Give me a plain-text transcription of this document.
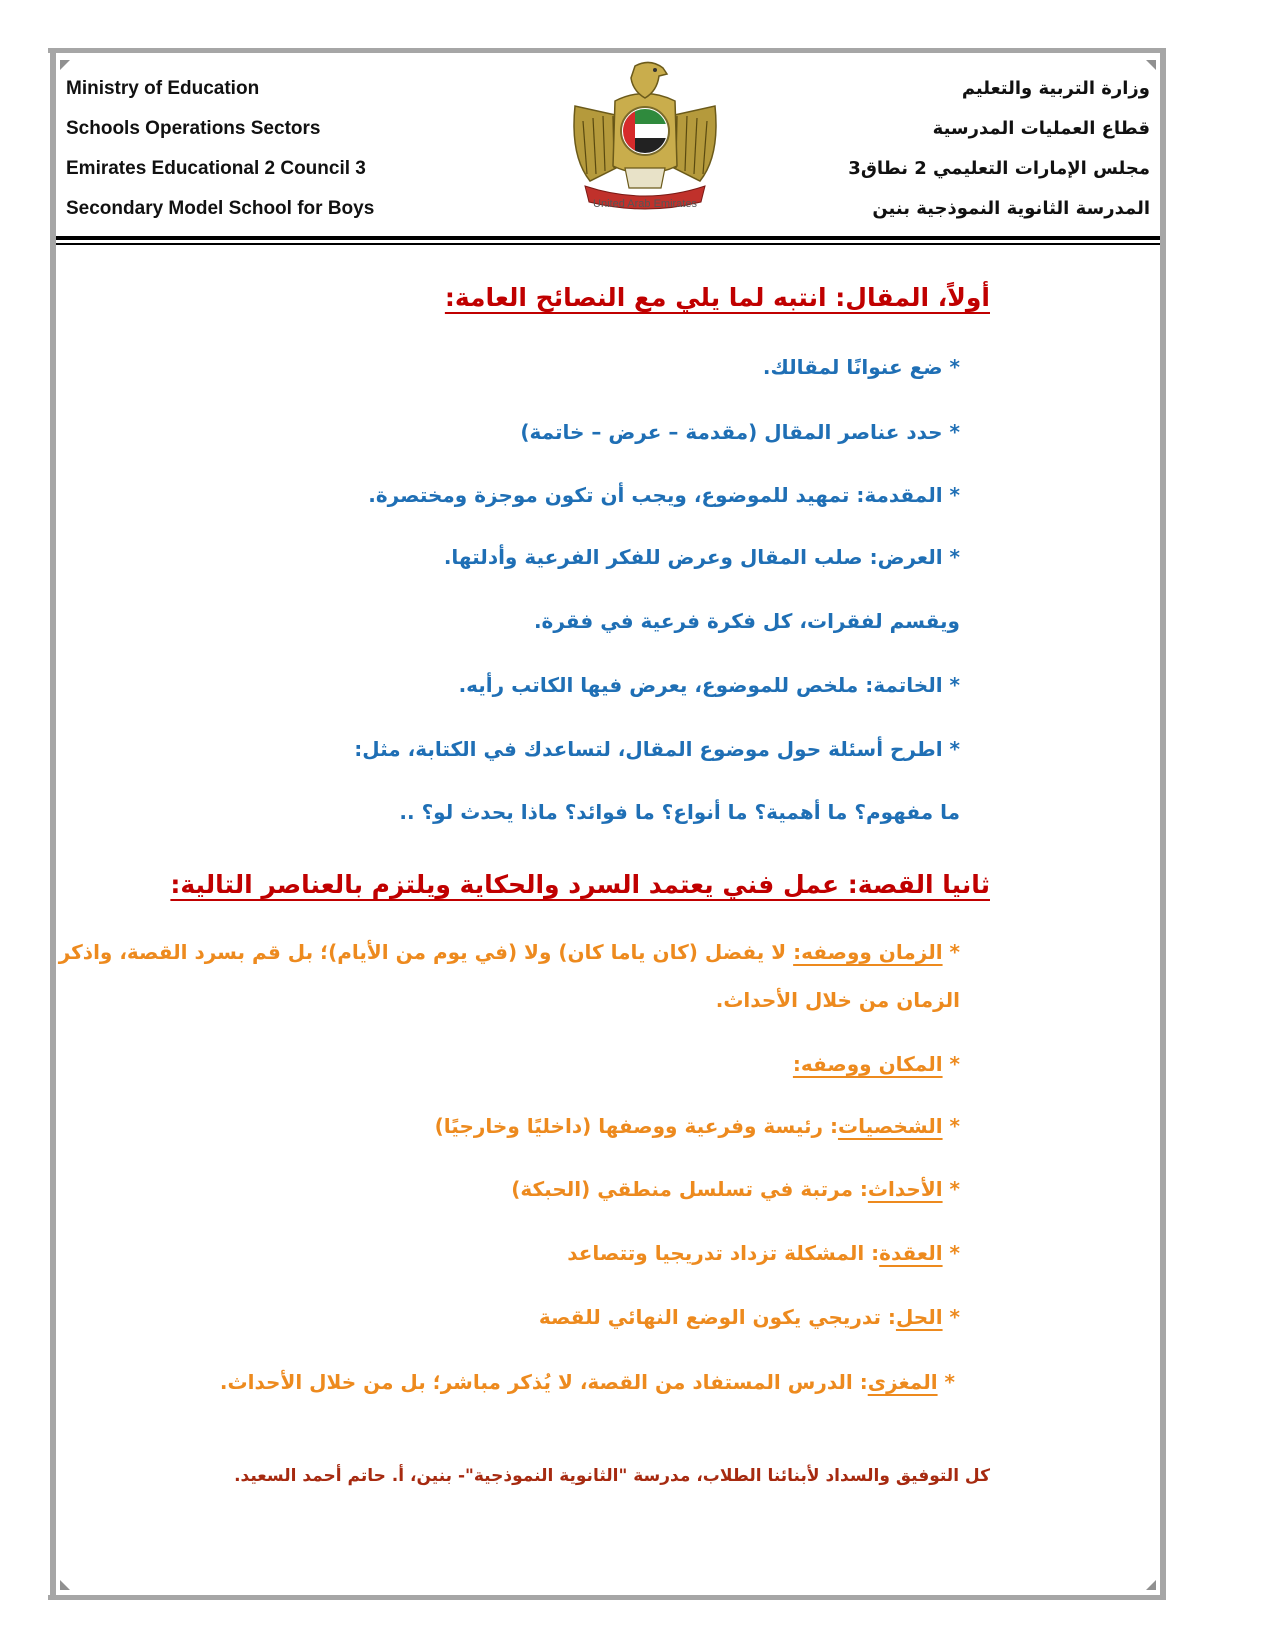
Ministry of Education
Schools Operations Sectors
Emirates Educational 2 Council 3
Secondary Model School for Boys
وزارة التربية والتعليم
قطاع العمليات المدرسية
مجلس الإمارات التعليمي 2 نطاق3
المدرسة الثانوية النموذجية بنين
United Arab Emirates
أولاً، المقال: انتبه لما يلي مع النصائح العامة:
* ضع عنوانًا لمقالك.
* حدد عناصر المقال (مقدمة – عرض – خاتمة)
* المقدمة: تمهيد للموضوع، ويجب أن تكون موجزة ومختصرة.
* العرض: صلب المقال وعرض للفكر الفرعية وأدلتها.
ويقسم لفقرات، كل فكرة فرعية في فقرة.
* الخاتمة: ملخص للموضوع، يعرض فيها الكاتب رأيه.
* اطرح أسئلة حول موضوع المقال، لتساعدك في الكتابة، مثل:
ما مفهوم؟ ما أهمية؟ ما أنواع؟ ما فوائد؟ ماذا يحدث لو؟ ..
ثانيا القصة: عمل فني يعتمد السرد والحكاية ويلتزم بالعناصر التالية:
* الزمان ووصفه: لا يفضل (كان ياما كان) ولا (في يوم من الأيام)؛ بل قم بسرد القصة، واذكر
الزمان من خلال الأحداث.
* المكان ووصفه:
* الشخصيات: رئيسة وفرعية ووصفها (داخليًا وخارجيًا)
* الأحداث: مرتبة في تسلسل منطقي (الحبكة)
* العقدة: المشكلة تزداد تدريجيا وتتصاعد
* الحل: تدريجي يكون الوضع النهائي للقصة
* المغزى: الدرس المستفاد من القصة، لا يُذكر مباشر؛ بل من خلال الأحداث.
كل التوفيق والسداد لأبنائنا الطلاب، مدرسة "الثانوية النموذجية"- بنين، أ. حاتم أحمد السعيد.
